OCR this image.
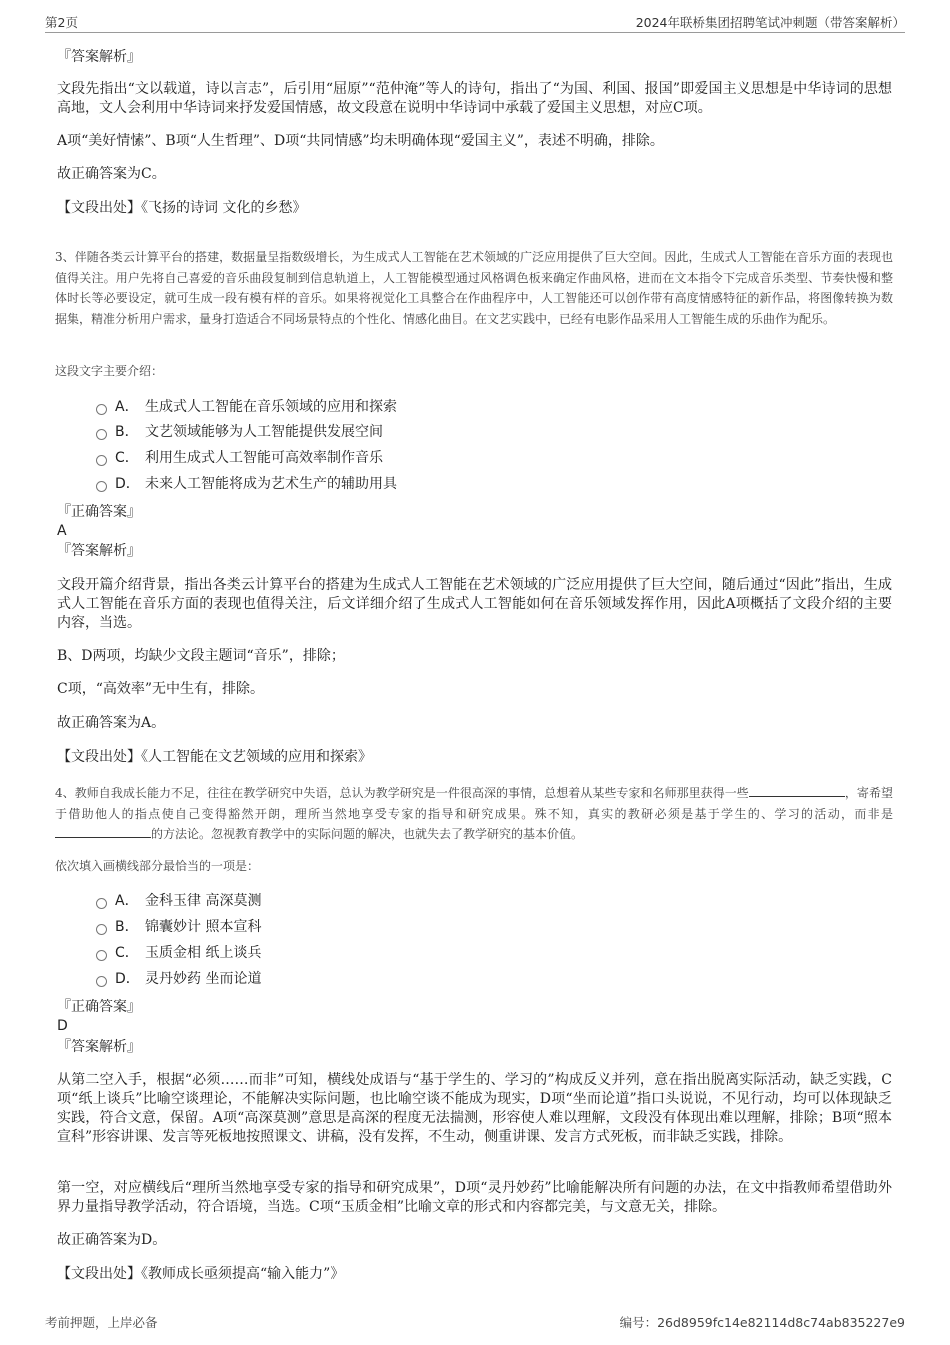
第2页	2024年联桥集团招聘笔试冲刺题（带答案解析）
『答案解析』
文段先指出“文以载道，诗以言志”，后引用“屈原”“范仲淹”等人的诗句，指出了“为国、利国、报国”即爱国主义思想是中华诗词的思想高地，文人会利用中华诗词来抒发爱国情感，故文段意在说明中华诗词中承载了爱国主义思想，对应C项。
A项“美好情愫”、B项“人生哲理”、D项“共同情感”均未明确体现“爱国主义”，表述不明确，排除。
故正确答案为C。
【文段出处】《飞扬的诗词 文化的乡愁》
3、伴随各类云计算平台的搭建，数据量呈指数级增长，为生成式人工智能在艺术领域的广泛应用提供了巨大空间。因此，生成式人工智能在音乐方面的表现也值得关注。用户先将自己喜爱的音乐曲段复制到信息轨道上，人工智能模型通过风格调色板来确定作曲风格，进而在文本指令下完成音乐类型、节奏快慢和整体时长等必要设定，就可生成一段有模有样的音乐。如果将视觉化工具整合在作曲程序中，人工智能还可以创作带有高度情感特征的新作品，将图像转换为数据集，精准分析用户需求，量身打造适合不同场景特点的个性化、情感化曲目。在文艺实践中，已经有电影作品采用人工智能生成的乐曲作为配乐。
这段文字主要介绍：
A． 生成式人工智能在音乐领域的应用和探索
B． 文艺领域能够为人工智能提供发展空间
C． 利用生成式人工智能可高效率制作音乐
D． 未来人工智能将成为艺术生产的辅助用具
『正确答案』
A
『答案解析』
文段开篇介绍背景，指出各类云计算平台的搭建为生成式人工智能在艺术领域的广泛应用提供了巨大空间，随后通过“因此”指出，生成式人工智能在音乐方面的表现也值得关注，后文详细介绍了生成式人工智能如何在音乐领域发挥作用，因此A项概括了文段介绍的主要内容，当选。
B、D两项，均缺少文段主题词“音乐”，排除；
C项，“高效率”无中生有，排除。
故正确答案为A。
【文段出处】《人工智能在文艺领域的应用和探索》
4、教师自我成长能力不足，往往在教学研究中失语，总认为教学研究是一件很高深的事情，总想着从某些专家和名师那里获得一些	，寄希望于借助他人的指点使自己变得豁然开朗，理所当然地享受专家的指导和研究成果。殊不知，真实的教研必须是基于学生的、学习的活动，而非是的方法论。忽视教育教学中的实际问题的解决，也就失去了教学研究的基本价值。
依次填入画横线部分最恰当的一项是：
A． 金科玉律 高深莫测
B． 锦囊妙计 照本宣科
C． 玉质金相 纸上谈兵
D． 灵丹妙药 坐而论道
『正确答案』
D
『答案解析』
从第二空入手，根据“必须……而非”可知，横线处成语与“基于学生的、学习的”构成反义并列，意在指出脱离实际活动，缺乏实践，C项“纸上谈兵”比喻空谈理论，不能解决实际问题，也比喻空谈不能成为现实，D项“坐而论道”指口头说说，不见行动，均可以体现缺乏实践，符合文意，保留。A项“高深莫测”意思是高深的程度无法揣测，形容使人难以理解，文段没有体现出难以理解，排除；B项“照本宣科”形容讲课、发言等死板地按照课文、讲稿，没有发挥，不生动，侧重讲课、发言方式死板，而非缺乏实践，排除。
第一空，对应横线后“理所当然地享受专家的指导和研究成果”，D项“灵丹妙药”比喻能解决所有问题的办法，在文中指教师希望借助外界力量指导教学活动，符合语境，当选。C项“玉质金相”比喻文章的形式和内容都完美，与文意无关，排除。
故正确答案为D。
【文段出处】《教师成长亟须提高“输入能力”》
考前押题，上岸必备	编号：26d8959fc14e82114d8c74ab835227e9
